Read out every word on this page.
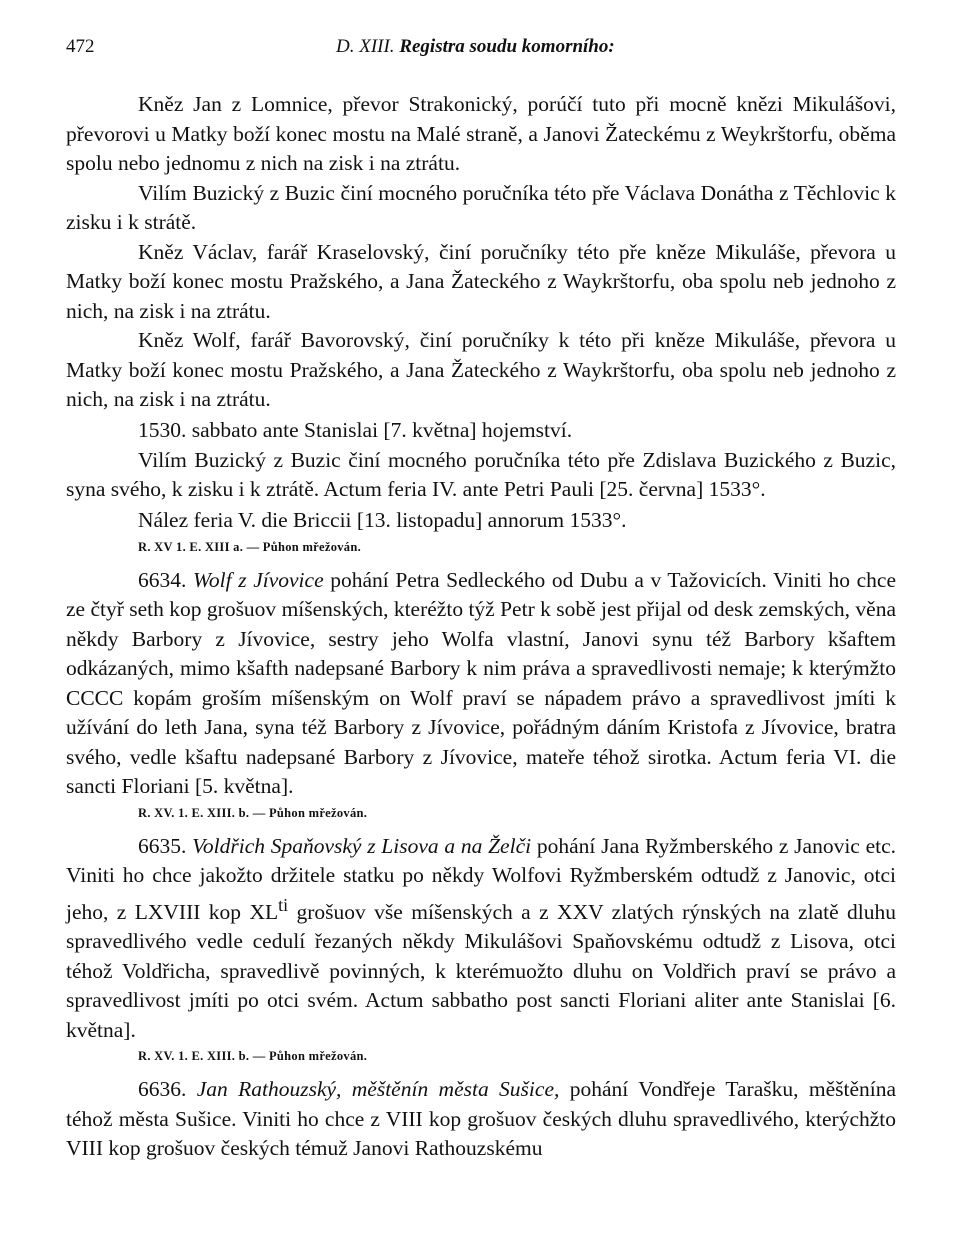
472	D. XIII. Registra soudu komorního:

Kněz Jan z Lomnice, převor Strakonický, porúčí tuto při mocně knězi Mikulášovi, převorovi u Matky boží konec mostu na Malé straně, a Janovi Žateckému z Weykrštorfu, oběma spolu nebo jednomu z nich na zisk i na ztrátu.

Vilím Buzický z Buzic činí mocného poručníka této pře Václava Donátha z Těchlovic k zisku i k strátě.

Kněz Václav, farář Kraselovský, činí poručníky této pře kněze Mikuláše, převora u Matky boží konec mostu Pražského, a Jana Žateckého z Waykrštorfu, oba spolu neb jednoho z nich, na zisk i na ztrátu.

Kněz Wolf, farář Bavorovský, činí poručníky k této při kněze Mikuláše, převora u Matky boží konec mostu Pražského, a Jana Žateckého z Waykrštorfu, oba spolu neb jednoho z nich, na zisk i na ztrátu.

1530. sabbato ante Stanislai [7. května] hojemství.

Vilím Buzický z Buzic činí mocného poručníka této pře Zdislava Buzického z Buzic, syna svého, k zisku i k ztrátě. Actum feria IV. ante Petri Pauli [25. června] 1533°.

Nález feria V. die Briccii [13. listopadu] annorum 1533°.

R. XV 1. E. XIII a. — Půhon mřežován.

6634. Wolf z Jívovice pohání Petra Sedleckého od Dubu a v Tažovicích. Viniti ho chce ze čtyř seth kop grošuov míšenských, kteréžto týž Petr k sobě jest přijal od desk zemských, věna někdy Barbory z Jívovice, sestry jeho Wolfa vlastní, Janovi synu též Barbory kšaftem odkázaných, mimo kšafth nadepsané Barbory k nim práva a spravedlivosti nemaje; k kterýmžto CCCC kopám groším míšenským on Wolf praví se nápadem právo a spravedlivost jmíti k užívání do leth Jana, syna též Barbory z Jívovice, pořádným dáním Kristofa z Jívovice, bratra svého, vedle kšaftu nadepsané Barbory z Jívovice, mateře téhož sirotka. Actum feria VI. die sancti Floriani [5. května].

R. XV. 1. E. XIII. b. — Půhon mřežován.

6635. Voldřich Spaňovský z Lisova a na Želči pohání Jana Ryžmberského z Janovic etc. Viniti ho chce jakožto držitele statku po někdy Wolfovi Ryžmberském odtudž z Janovic, otci jeho, z LXVIII kop $XL^{ti}$ grošuov vše míšenských a z XXV zlatých rýnských na zlatě dluhu spravedlivého vedle cedulí řezaných někdy Mikulášovi Spaňovskému odtudž z Lisova, otci téhož Voldřicha, spravedlivě povinných, k kterémuožto dluhu on Voldřich praví se právo a spravedlivost jmíti po otci svém. Actum sabbatho post sancti Floriani aliter ante Stanislai [6. května].

R. XV. 1. E. XIII. b. — Půhon mřežován.

6636. Jan Rathouzský, měštěnín města Sušice, pohání Vondřeje Tarašku, měštěnína téhož města Sušice. Viniti ho chce z VIII kop grošuov českých dluhu spravedlivého, kterýchžto VIII kop grošuov českých témuž Janovi Rathouzskému
